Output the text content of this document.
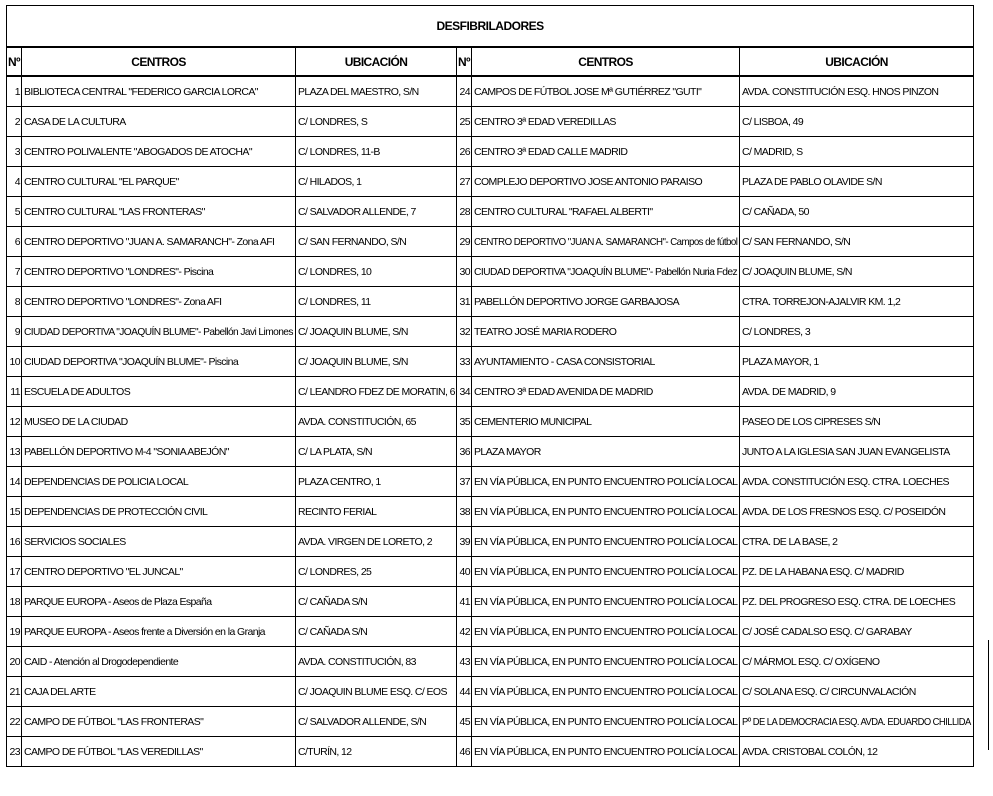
DESFIBRILADORES					
Nº	CENTROS	UBICACIÓN	Nº	CENTROS	UBICACIÓN
1	BIBLIOTECA CENTRAL "FEDERICO GARCIA LORCA"	PLAZA DEL MAESTRO, S/N	24	CAMPOS DE FÚTBOL JOSE Mª GUTIÉRREZ "GUTI"	AVDA. CONSTITUCIÓN ESQ. HNOS PINZON
2	CASA DE LA CULTURA	C/ LONDRES, S	25	CENTRO 3ª EDAD VEREDILLAS	C/ LISBOA, 49
3	CENTRO POLIVALENTE "ABOGADOS DE ATOCHA"	C/ LONDRES, 11-B	26	CENTRO 3ª EDAD CALLE MADRID	C/ MADRID, S
4	CENTRO CULTURAL "EL PARQUE"	C/ HILADOS, 1	27	COMPLEJO DEPORTIVO JOSE ANTONIO PARAISO	PLAZA DE PABLO OLAVIDE S/N
5	CENTRO CULTURAL "LAS FRONTERAS"	C/ SALVADOR ALLENDE, 7	28	CENTRO CULTURAL "RAFAEL ALBERTI"	C/ CAÑADA, 50
6	CENTRO DEPORTIVO "JUAN A. SAMARANCH"- Zona AFI	C/ SAN FERNANDO, S/N	29	CENTRO DEPORTIVO "JUAN A. SAMARANCH"- Campos de fútbol	C/ SAN FERNANDO, S/N
7	CENTRO DEPORTIVO "LONDRES"- Piscina	C/ LONDRES, 10	30	CIUDAD DEPORTIVA "JOAQUÍN BLUME"- Pabellón Nuria Fdez	C/ JOAQUIN BLUME, S/N
8	CENTRO DEPORTIVO "LONDRES"- Zona AFI	C/ LONDRES, 11	31	PABELLÓN DEPORTIVO JORGE GARBAJOSA	CTRA. TORREJON-AJALVIR KM. 1,2
9	CIUDAD DEPORTIVA "JOAQUÍN BLUME"- Pabellón Javi Limones	C/ JOAQUIN BLUME, S/N	32	TEATRO JOSÉ MARIA RODERO	C/ LONDRES, 3
10	CIUDAD DEPORTIVA "JOAQUÍN BLUME"- Piscina	C/ JOAQUIN BLUME, S/N	33	AYUNTAMIENTO - CASA CONSISTORIAL	PLAZA MAYOR, 1
11	ESCUELA DE ADULTOS	C/ LEANDRO FDEZ DE MORATIN, 6	34	CENTRO 3ª EDAD AVENIDA DE MADRID	AVDA. DE MADRID, 9
12	MUSEO DE LA CIUDAD	AVDA. CONSTITUCIÓN, 65	35	CEMENTERIO MUNICIPAL	PASEO DE LOS CIPRESES S/N
13	PABELLÓN DEPORTIVO M-4 "SONIA ABEJÓN"	C/ LA PLATA, S/N	36	PLAZA MAYOR	JUNTO A LA IGLESIA SAN JUAN EVANGELISTA
14	DEPENDENCIAS DE POLICIA LOCAL	PLAZA CENTRO, 1	37	EN VÍA PÚBLICA, EN PUNTO ENCUENTRO POLICÍA LOCAL	AVDA. CONSTITUCIÓN ESQ. CTRA. LOECHES
15	DEPENDENCIAS DE PROTECCIÓN CIVIL	RECINTO FERIAL	38	EN VÍA PÚBLICA, EN PUNTO ENCUENTRO POLICÍA LOCAL	AVDA. DE LOS FRESNOS ESQ. C/ POSEIDÓN
16	SERVICIOS SOCIALES	AVDA. VIRGEN DE LORETO, 2	39	EN VÍA PÚBLICA, EN PUNTO ENCUENTRO POLICÍA LOCAL	CTRA. DE LA BASE, 2
17	CENTRO DEPORTIVO "EL JUNCAL"	C/ LONDRES, 25	40	EN VÍA PÚBLICA, EN PUNTO ENCUENTRO POLICÍA LOCAL	PZ. DE LA HABANA ESQ. C/ MADRID
18	PARQUE EUROPA - Aseos de Plaza España	C/ CAÑADA S/N	41	EN VÍA PÚBLICA, EN PUNTO ENCUENTRO POLICÍA LOCAL	PZ. DEL PROGRESO ESQ. CTRA. DE LOECHES
19	PARQUE EUROPA - Aseos frente a Diversión en la Granja	C/ CAÑADA S/N	42	EN VÍA PÚBLICA, EN PUNTO ENCUENTRO POLICÍA LOCAL	C/ JOSÉ CADALSO ESQ. C/ GARABAY
20	CAID - Atención al Drogodependiente	AVDA. CONSTITUCIÓN, 83	43	EN VÍA PÚBLICA, EN PUNTO ENCUENTRO POLICÍA LOCAL	C/ MÁRMOL ESQ. C/ OXÍGENO
21	CAJA DEL ARTE	C/ JOAQUIN BLUME ESQ. C/ EOS	44	EN VÍA PÚBLICA, EN PUNTO ENCUENTRO POLICÍA LOCAL	C/ SOLANA ESQ. C/ CIRCUNVALACIÓN
22	CAMPO DE FÚTBOL "LAS FRONTERAS"	C/ SALVADOR ALLENDE, S/N	45	EN VÍA PÚBLICA, EN PUNTO ENCUENTRO POLICÍA LOCAL	Pº DE LA DEMOCRACIA ESQ. AVDA. EDUARDO CHILLIDA
23	CAMPO DE FÚTBOL "LAS VEREDILLAS"	C/TURÍN, 12	46	EN VÍA PÚBLICA, EN PUNTO ENCUENTRO POLICÍA LOCAL	AVDA. CRISTOBAL COLÓN, 12
